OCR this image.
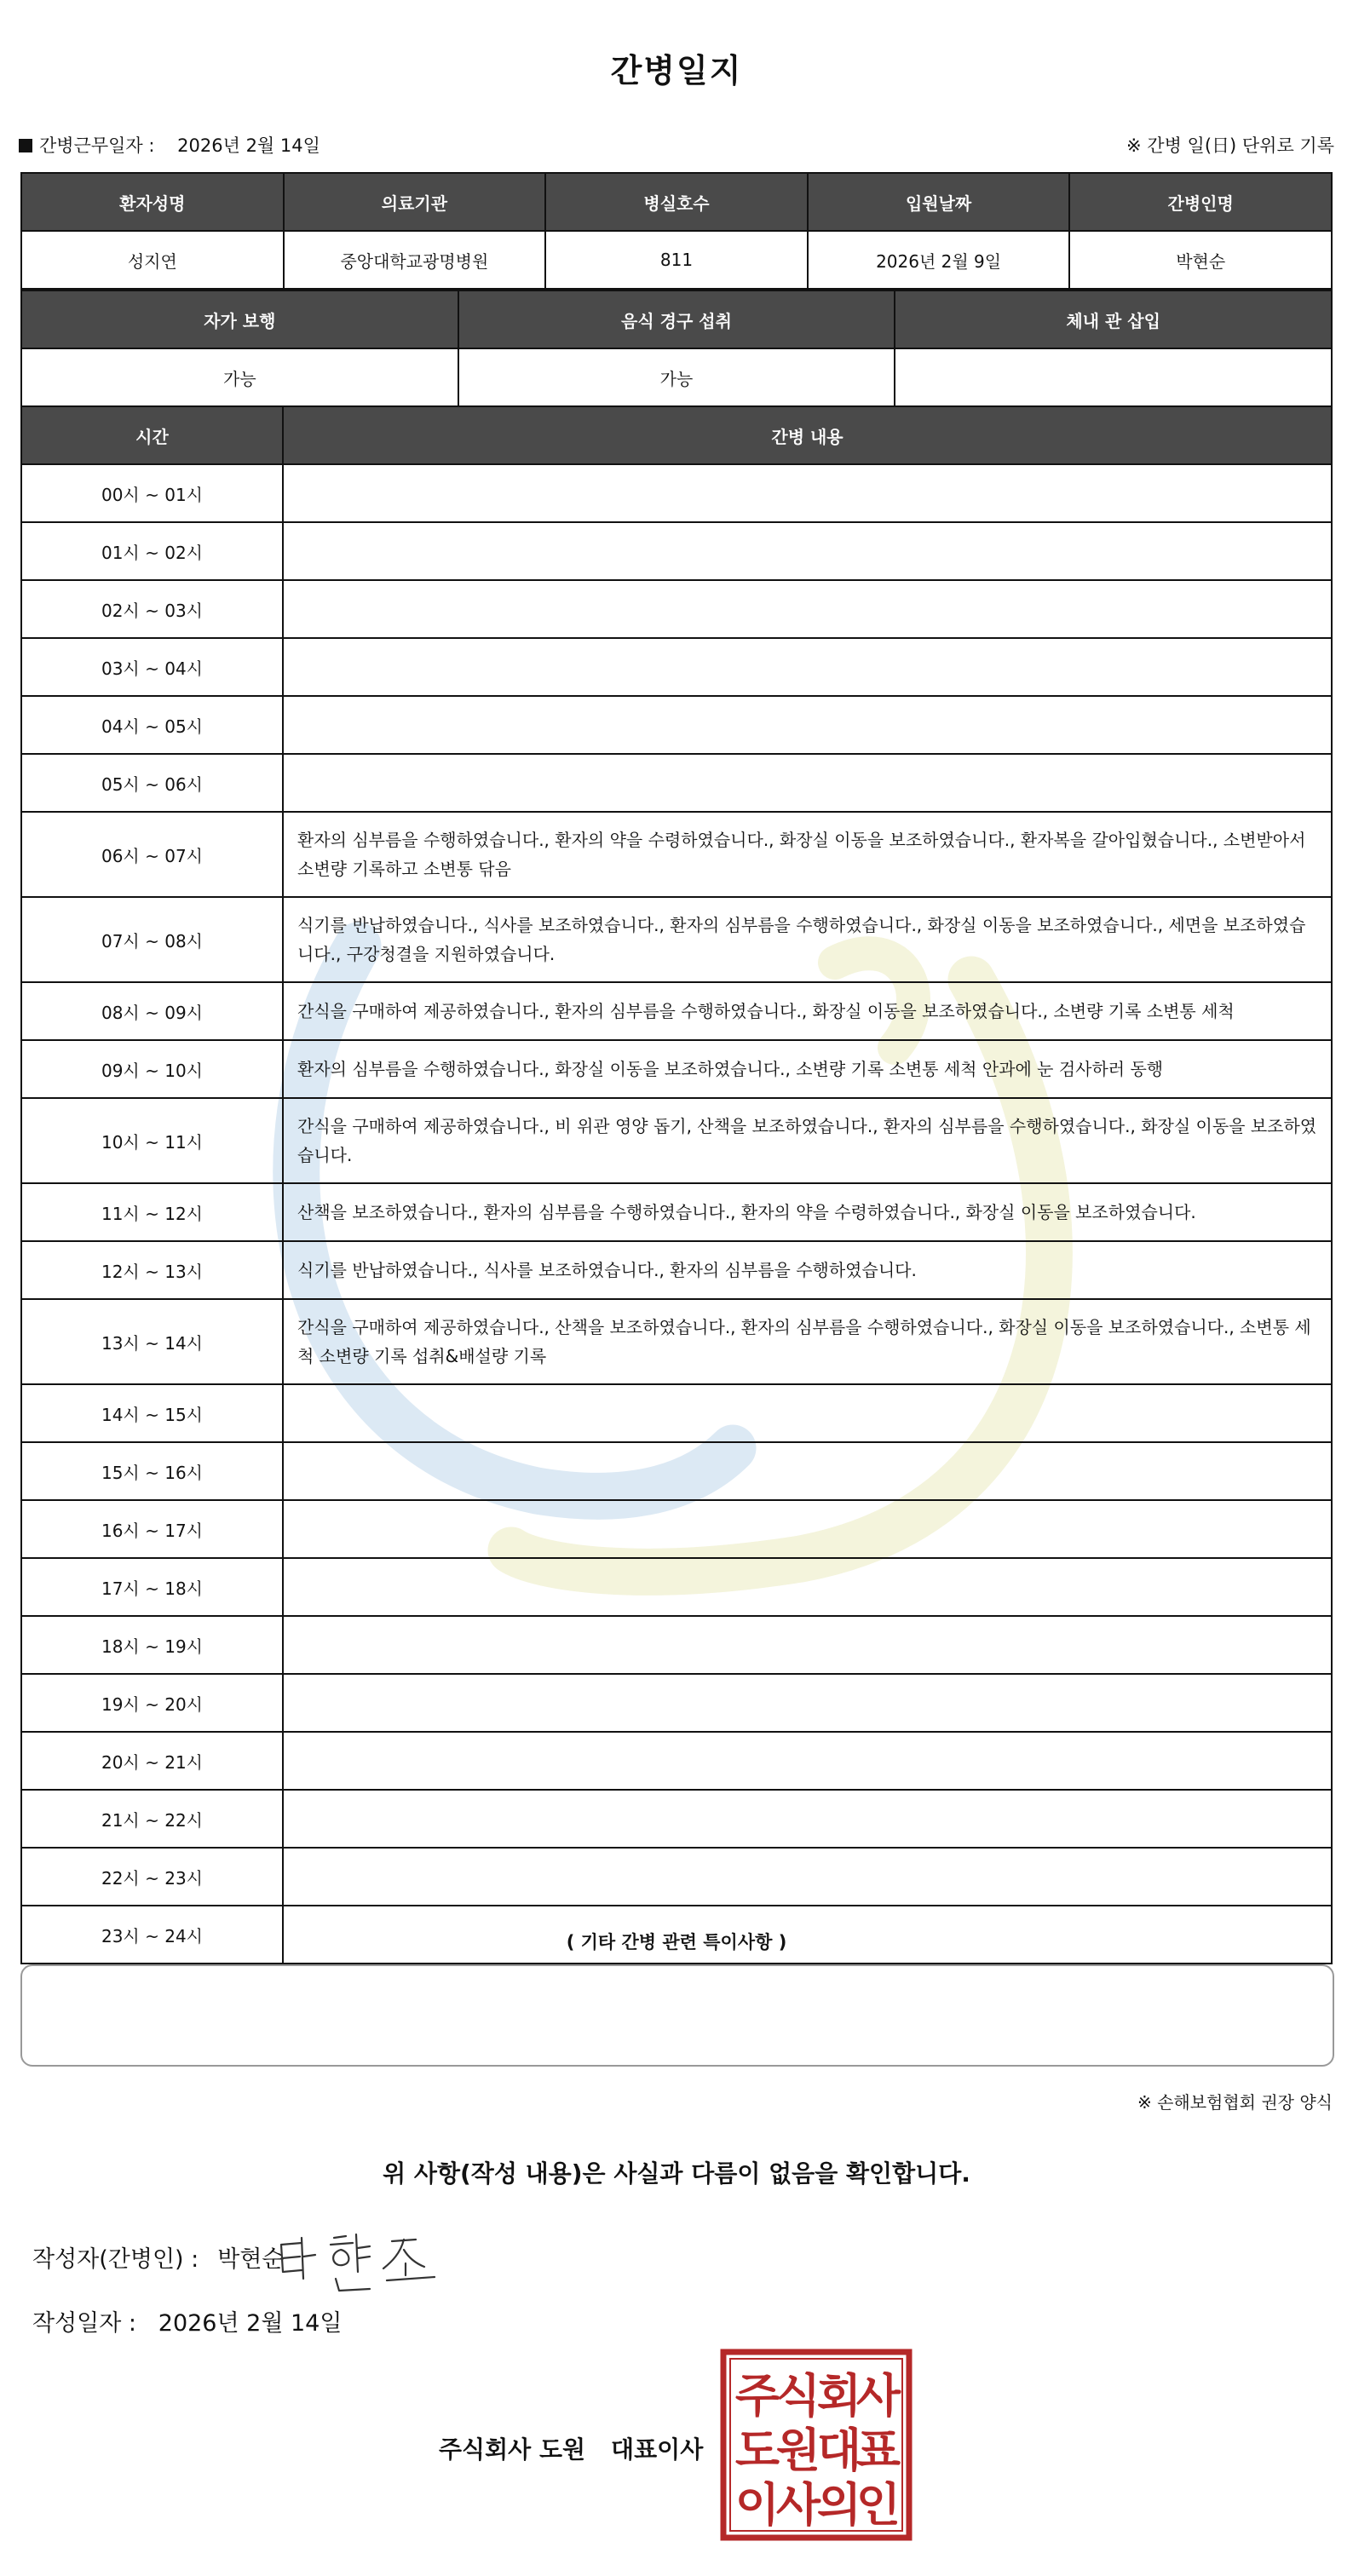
간병일지
간병근무일자 : 2026년 2월 14일	※ 간병 일(日) 단위로 기록
환자성명	의료기관	병실호수	입원날짜	간병인명
성지연	중앙대학교광명병원	811	2026년 2월 9일	박현순
자가 보행	음식 경구 섭취	체내 관 삽입
가능	가능	
시간	간병 내용
00시 ~ 01시	
01시 ~ 02시	
02시 ~ 03시	
03시 ~ 04시	
04시 ~ 05시	
05시 ~ 06시	
06시 ~ 07시	환자의 심부름을 수행하였습니다., 환자의 약을 수령하였습니다., 화장실 이동을 보조하였습니다., 환자복을 갈아입혔습니다., 소변받아서 소변량 기록하고 소변통 닦음
07시 ~ 08시	식기를 반납하였습니다., 식사를 보조하였습니다., 환자의 심부름을 수행하였습니다., 화장실 이동을 보조하였습니다., 세면을 보조하였습니다., 구강청결을 지원하였습니다.
08시 ~ 09시	간식을 구매하여 제공하였습니다., 환자의 심부름을 수행하였습니다., 화장실 이동을 보조하였습니다., 소변량 기록 소변통 세척
09시 ~ 10시	환자의 심부름을 수행하였습니다., 화장실 이동을 보조하였습니다., 소변량 기록 소변통 세척 안과에 눈 검사하러 동행
10시 ~ 11시	간식을 구매하여 제공하였습니다., 비 위관 영양 돕기, 산책을 보조하였습니다., 환자의 심부름을 수행하였습니다., 화장실 이동을 보조하였습니다.
11시 ~ 12시	산책을 보조하였습니다., 환자의 심부름을 수행하였습니다., 환자의 약을 수령하였습니다., 화장실 이동을 보조하였습니다.
12시 ~ 13시	식기를 반납하였습니다., 식사를 보조하였습니다., 환자의 심부름을 수행하였습니다.
13시 ~ 14시	간식을 구매하여 제공하였습니다., 산책을 보조하였습니다., 환자의 심부름을 수행하였습니다., 화장실 이동을 보조하였습니다., 소변통 세척 소변량 기록 섭취&배설량 기록
14시 ~ 15시	
15시 ~ 16시	
16시 ~ 17시	
17시 ~ 18시	
18시 ~ 19시	
19시 ~ 20시	
20시 ~ 21시	
21시 ~ 22시	
22시 ~ 23시	
23시 ~ 24시		( 기타 간병 관련 특이사항 )
※ 손해보험협회 권장 양식
위 사항(작성 내용)은 사실과 다름이 없음을 확인합니다.
작성자(간병인) : 박현순
작성일자 : 2026년 2월 14일
주식회사 도원 대표이사
주
식
회
사
도
원
대
표
이
사
의
인
